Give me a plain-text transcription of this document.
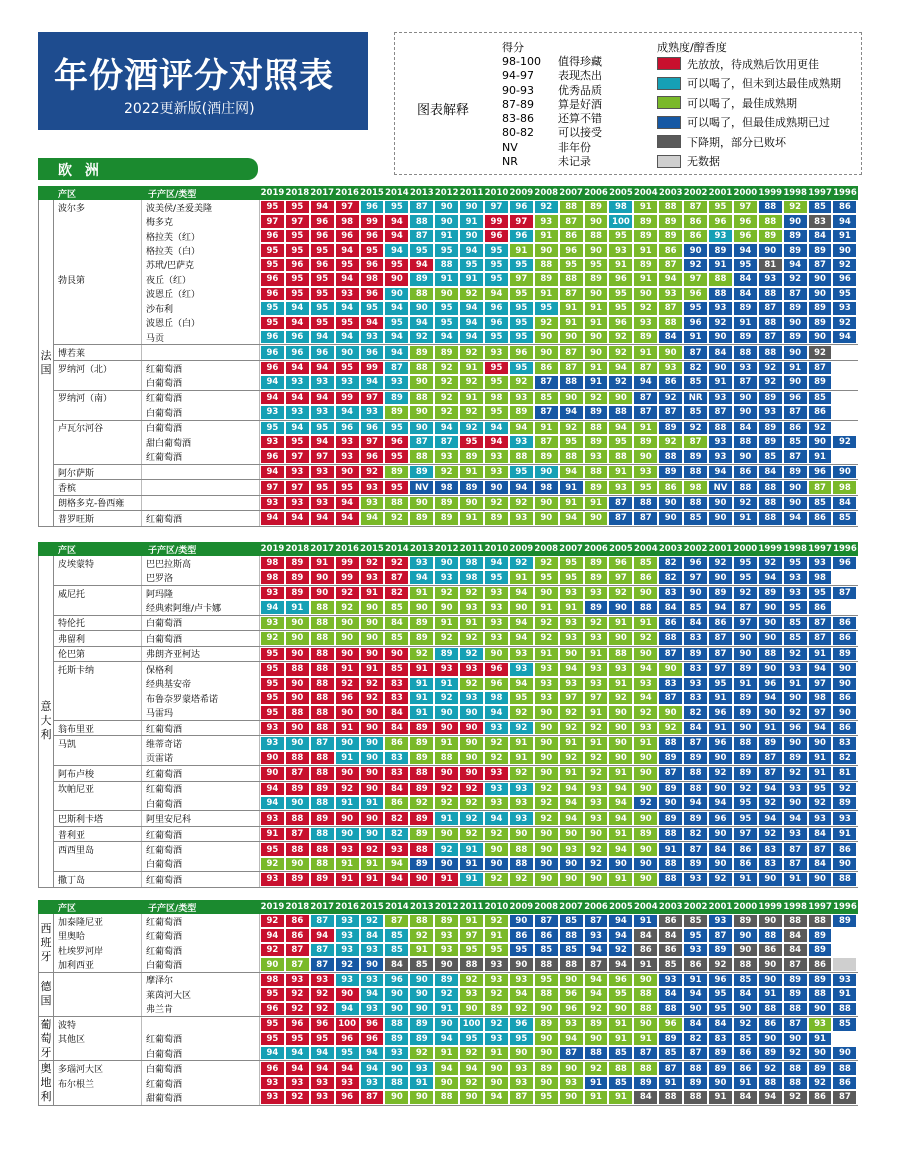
年份酒评分对照表
2022更新版(酒庄网)	图表解释
得分
98-100	值得珍藏
94-97	表现杰出
90-93	优秀品质
87-89	算是好酒
83-86	还算不错
80-82	可以接受
NV	非年份
NR	未记录
成熟度/醇香度
先放放，待成熟后饮用更佳
可以喝了，但未到达最佳成熟期
可以喝了，最佳成熟期
可以喝了，但最佳成熟期已过
下降期，部分已败坏
无数据
欧 洲
产区	子产区/类型	2019 2018 2017 2016 2015 2014 2013 2012 2011 2010 2009 2008 2007 2006 2005 2004 2003 2002 2001 2000 1999 1998 1997 1996
法
国
波尔多	波美侯/圣爱美隆	95	95	94	97	96	95	87	90	90	97	96	92	88	89	98	91	88	87	95	97	88	92	85	86
梅多克	97	97	96	98	99	94	88	90	91	99	97	93	87	90	100	89	89	86	96	96	88	90	83	94
格拉芙（红）	96	95	96	96	96	94	87	91	90	96	96	91	86	88	95	89	89	86	93	96	89	89	84	91
格拉芙（白）	95	95	95	94	95	94	95	95	94	95	91	90	96	90	93	91	86	90	89	94	90	89	89	90
苏玳/巴萨克	95	96	96	95	96	95	94	88	95	95	95	88	95	95	91	89	87	92	91	95	81	94	87	92
勃艮第	夜丘（红）	96	95	95	94	98	90	89	91	91	95	97	89	88	89	96	91	94	97	88	84	93	92	90	96
波恩丘（红）	96	95	95	93	96	90	88	90	92	94	95	91	87	90	95	90	93	96	88	84	88	87	90	95
沙布利	95	94	95	94	95	94	90	95	94	96	95	95	91	91	95	92	87	95	93	89	87	89	89	93
波恩丘（白）	95	94	95	95	94	95	94	95	94	96	95	92	91	91	96	93	88	96	92	91	88	90	89	92
马贡	96	96	94	94	93	94	92	94	94	95	95	90	90	90	92	89	84	91	90	89	87	89	90	94
博若莱	96	96	96	90	96	94	89	89	92	93	96	90	87	90	92	91	90	87	84	88	88	90	92
罗纳河（北）	红葡萄酒	96	94	94	95	99	87	88	92	91	95	95	86	87	91	94	87	93	82	90	93	92	91	87
白葡萄酒	94	93	93	93	94	93	90	92	92	95	92	87	88	91	92	94	86	85	91	87	92	90	89
罗纳河（南）	红葡萄酒	94	94	94	99	97	89	88	92	91	98	93	85	90	92	90	87	92	NR	93	90	89	96	85
白葡萄酒	93	93	93	94	93	89	90	92	92	95	89	87	94	89	88	87	87	85	87	90	93	87	86
卢瓦尔河谷	白葡萄酒	95	94	95	96	96	95	90	94	92	94	94	91	92	88	94	91	89	92	88	84	89	86	92
甜白葡萄酒	93	95	94	93	97	96	87	87	95	94	93	87	95	89	95	89	92	87	93	88	89	85	90	92
红葡萄酒	96	97	97	93	96	95	88	93	89	93	88	89	88	93	88	90	88	89	93	90	85	87	91
阿尔萨斯	94	93	93	90	92	89	89	92	91	93	95	90	94	88	91	93	89	88	94	86	84	89	96	90
香槟	97	97	95	95	93	95	NV	98	89	90	94	98	91	89	93	95	86	98	NV	88	88	90	87	98
朗格多克-鲁西雍	93	93	93	94	93	88	90	89	90	92	92	90	91	91	87	88	90	88	90	92	88	90	85	84
普罗旺斯	红葡萄酒	94	94	94	94	94	92	89	89	91	89	93	90	94	90	87	87	90	85	90	91	88	94	86	85
产区	子产区/类型	2019 2018 2017 2016 2015 2014 2013 2012 2011 2010 2009 2008 2007 2006 2005 2004 2003 2002 2001 2000 1999 1998 1997 1996
意
大
利
皮埃蒙特	巴巴拉斯高	98	89	91	99	92	92	93	90	98	94	92	92	95	89	96	85	82	96	92	95	92	95	93	96
巴罗洛	98	89	90	99	93	87	94	93	98	95	91	95	95	89	97	86	82	97	90	95	94	93	98
威尼托	阿玛隆	93	89	90	92	91	82	91	92	92	93	94	90	93	93	92	90	83	90	89	92	89	93	95	87
经典索阿维/卢卡娜	94	91	88	92	90	85	90	90	93	93	90	91	91	89	90	88	84	85	94	87	90	95	86
特伦托	白葡萄酒	93	90	88	90	90	84	89	91	91	93	94	92	93	92	91	91	86	84	86	97	90	85	87	86
弗留利	白葡萄酒	92	90	88	90	90	85	89	92	92	93	94	92	93	93	90	92	88	83	87	90	90	85	87	86
伦巴第	弗朗齐亚柯达	95	90	88	90	90	90	92	89	92	90	93	91	90	91	88	90	87	89	87	90	88	92	91	89
托斯卡纳	保格利	95	88	88	91	91	85	91	93	93	96	93	93	94	93	93	94	90	83	97	89	90	93	94	90
经典基安帝	95	90	88	92	92	83	91	91	92	96	94	93	93	93	91	93	83	93	95	91	96	91	97	90
布鲁奈罗蒙塔希诺	95	90	88	96	92	83	91	92	93	98	95	93	97	97	92	94	87	83	91	89	94	90	98	86
马雷玛	95	88	88	90	90	84	91	90	90	94	92	90	92	91	90	92	90	82	96	89	90	92	97	90
翁布里亚	红葡萄酒	93	90	88	91	90	84	89	90	90	93	92	90	92	92	90	93	92	84	91	90	91	96	94	86
马凯	维蒂奇诺	93	90	87	90	90	86	89	91	90	92	91	90	91	91	90	91	88	87	96	88	89	90	90	83
贡雷诺	90	88	88	91	90	83	89	88	90	92	91	90	92	92	90	90	89	89	90	89	87	89	91	82
阿布卢梭	红葡萄酒	90	87	88	90	90	83	88	90	90	93	92	90	91	92	91	90	87	88	92	89	87	92	91	81
坎帕尼亚	红葡萄酒	94	89	89	92	90	84	89	92	92	93	93	92	94	93	94	90	89	88	90	92	94	93	95	92
白葡萄酒	94	90	88	91	91	86	92	92	92	93	93	92	94	93	94	92	90	94	94	95	92	90	92	89
巴斯利卡塔	阿里安尼科	93	88	89	90	90	82	89	91	92	94	93	92	94	93	94	90	89	89	96	95	94	94	93	93
普利亚	红葡萄酒	91	87	88	90	90	82	89	90	92	92	90	90	90	90	91	89	88	82	90	97	92	93	84	91
西西里岛	红葡萄酒	95	88	88	93	92	93	88	92	91	90	88	90	93	92	94	90	91	87	84	86	83	87	87	86
白葡萄酒	92	90	88	91	91	94	89	90	91	90	88	90	90	92	90	90	88	89	90	86	83	87	84	90
撒丁岛	红葡萄酒	93	89	89	91	91	94	90	91	91	92	92	90	90	90	91	90	88	93	92	91	90	91	90	88
产区	子产区/类型	2019 2018 2017 2016 2015 2014 2013 2012 2011 2010 2009 2008 2007 2006 2005 2004 2003 2002 2001 2000 1999 1998 1997 1996
西
班
牙
加泰隆尼亚	红葡萄酒	92	86	87	93	92	87	88	89	91	92	90	87	85	87	94	91	86	85	93	89	90	88	88	89
里奥哈	红葡萄酒	94	86	94	93	84	85	92	93	97	91	86	86	88	93	94	84	84	95	87	90	88	84	89
杜埃罗河岸	红葡萄酒	92	87	87	93	93	85	91	93	95	95	95	85	85	94	92	86	86	93	89	90	86	84	89
加利西亚	白葡萄酒	90	87	87	92	90	84	85	90	88	93	90	88	88	87	94	91	85	86	92	88	90	87	86
德
国
摩泽尔	98	93	93	93	93	96	90	89	92	93	93	95	90	94	96	90	93	91	96	85	90	89	89	93
莱茵河大区	95	92	92	90	94	90	90	92	93	92	94	88	96	94	95	88	84	94	95	84	91	89	88	91
弗兰肯	96	92	92	94	93	90	90	91	90	89	92	90	96	92	90	88	88	90	95	90	88	88	90	88
葡
萄
牙
波特	95	96	96	100	96	88	89	90	100	92	96	89	93	89	91	90	96	84	84	92	86	87	93	85
其他区	红葡萄酒	95	95	95	96	96	89	89	94	95	93	95	90	94	90	91	91	89	82	83	85	90	90	91
白葡萄酒	94	94	94	95	94	93	92	91	92	91	90	90	87	88	85	87	85	87	89	86	89	92	90	90
奥
地
利
多瑙河大区	白葡萄酒	96	94	94	94	94	90	93	94	94	90	93	89	90	92	88	88	87	88	89	86	92	88	89	88
布尔根兰	红葡萄酒	93	93	93	93	93	88	91	90	92	90	93	90	93	91	85	89	91	89	90	91	88	88	92	86
甜葡萄酒	93	92	93	96	87	90	90	88	90	94	87	95	90	91	91	84	88	88	91	84	94	92	86	87
